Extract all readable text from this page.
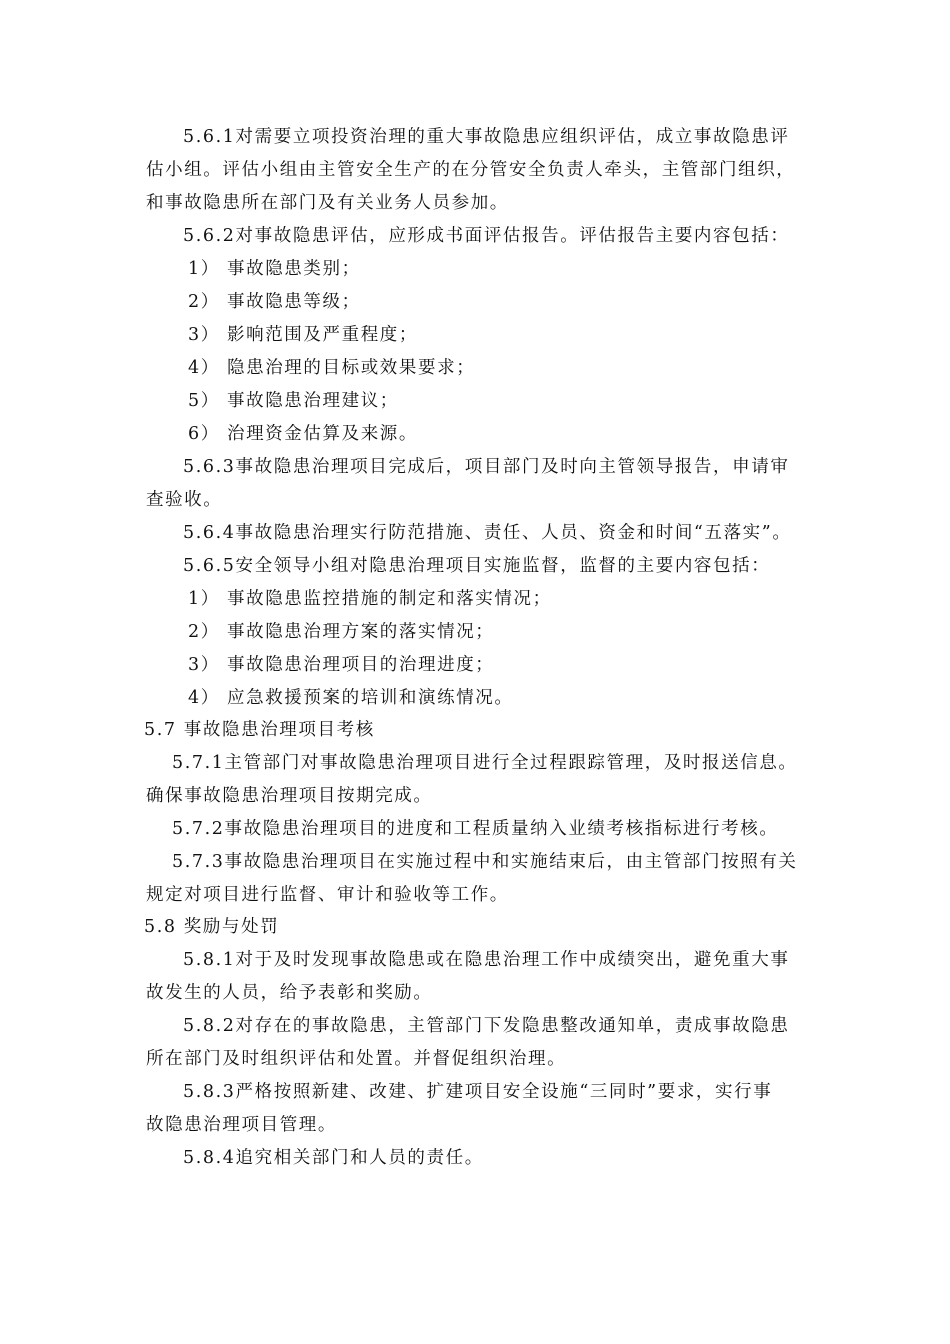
5.6.1对需要立项投资治理的重大事故隐患应组织评估，成立事故隐患评
估小组。评估小组由主管安全生产的在分管安全负责人牵头，主管部门组织，
和事故隐患所在部门及有关业务人员参加。
5.6.2对事故隐患评估，应形成书面评估报告。评估报告主要内容包括：
1） 事故隐患类别；
2） 事故隐患等级；
3） 影响范围及严重程度；
4） 隐患治理的目标或效果要求；
5） 事故隐患治理建议；
6） 治理资金估算及来源。
5.6.3事故隐患治理项目完成后，项目部门及时向主管领导报告，申请审
查验收。
5.6.4事故隐患治理实行防范措施、责任、人员、资金和时间“五落实”。
5.6.5安全领导小组对隐患治理项目实施监督，监督的主要内容包括：
1） 事故隐患监控措施的制定和落实情况；
2） 事故隐患治理方案的落实情况；
3） 事故隐患治理项目的治理进度；
4） 应急救援预案的培训和演练情况。
5.7 事故隐患治理项目考核
5.7.1主管部门对事故隐患治理项目进行全过程跟踪管理，及时报送信息。
确保事故隐患治理项目按期完成。
5.7.2事故隐患治理项目的进度和工程质量纳入业绩考核指标进行考核。
5.7.3事故隐患治理项目在实施过程中和实施结束后，由主管部门按照有关
规定对项目进行监督、审计和验收等工作。
5.8 奖励与处罚
5.8.1对于及时发现事故隐患或在隐患治理工作中成绩突出，避免重大事
故发生的人员，给予表彰和奖励。
5.8.2对存在的事故隐患，主管部门下发隐患整改通知单，责成事故隐患
所在部门及时组织评估和处置。并督促组织治理。
5.8.3严格按照新建、改建、扩建项目安全设施“三同时”要求，实行事
故隐患治理项目管理。
5.8.4追究相关部门和人员的责任。
